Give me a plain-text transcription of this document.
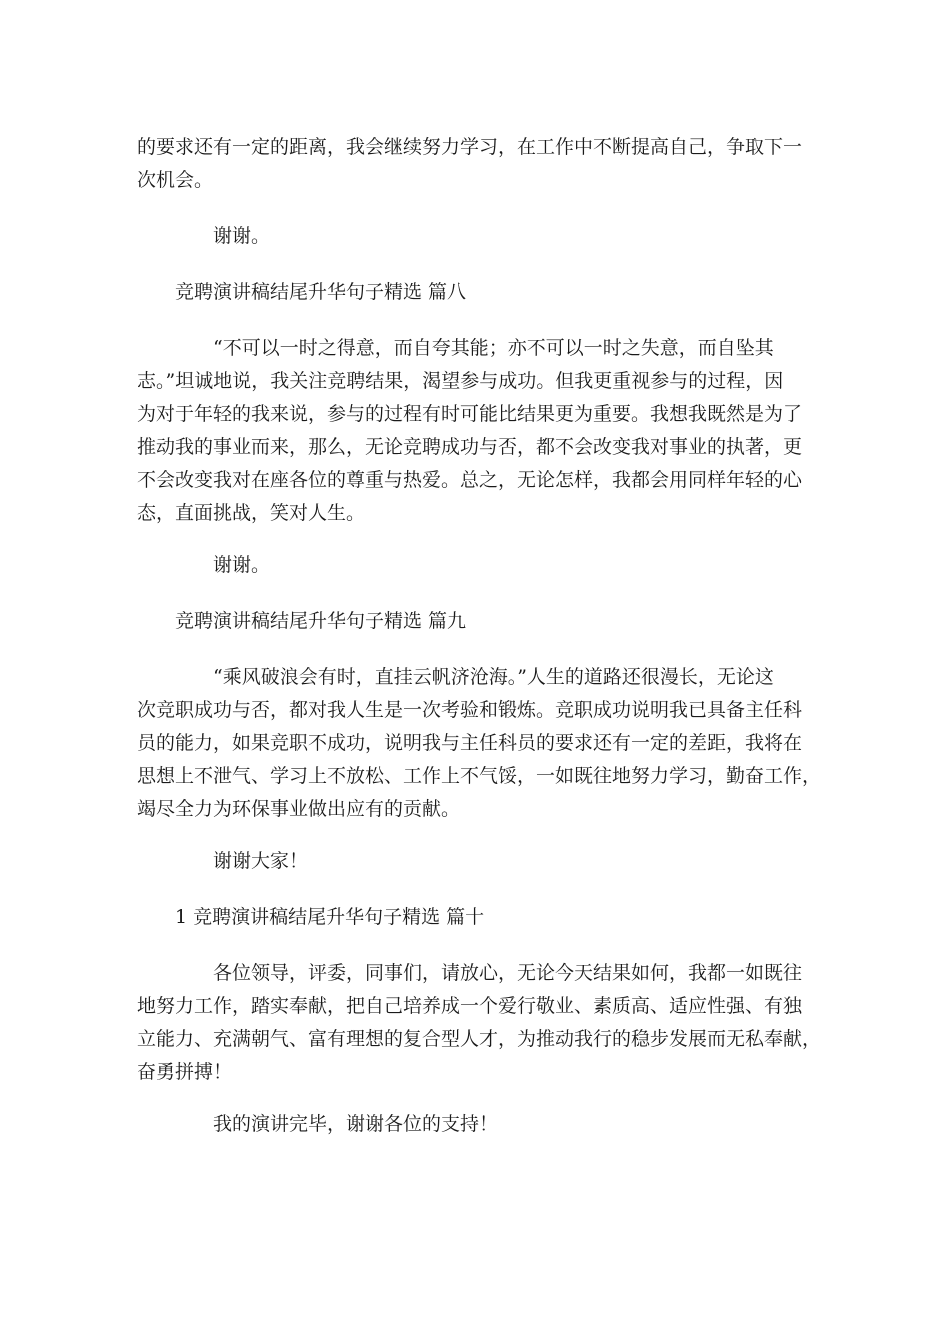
的要求还有一定的距离，我会继续努力学习，在工作中不断提高自己，争取下一
次机会。

谢谢。

竞聘演讲稿结尾升华句子精选 篇八

“不可以一时之得意，而自夸其能；亦不可以一时之失意，而自坠其
志。”坦诚地说，我关注竞聘结果，渴望参与成功。但我更重视参与的过程，因
为对于年轻的我来说，参与的过程有时可能比结果更为重要。我想我既然是为了
推动我的事业而来，那么，无论竞聘成功与否，都不会改变我对事业的执著，更
不会改变我对在座各位的尊重与热爱。总之，无论怎样，我都会用同样年轻的心
态，直面挑战，笑对人生。

谢谢。

竞聘演讲稿结尾升华句子精选 篇九

“乘风破浪会有时，直挂云帆济沧海。”人生的道路还很漫长，无论这
次竞职成功与否，都对我人生是一次考验和锻炼。竞职成功说明我已具备主任科
员的能力，如果竞职不成功，说明我与主任科员的要求还有一定的差距，我将在
思想上不泄气、学习上不放松、工作上不气馁，一如既往地努力学习，勤奋工作，
竭尽全力为环保事业做出应有的贡献。

谢谢大家！

1 竞聘演讲稿结尾升华句子精选 篇十

各位领导，评委，同事们，请放心，无论今天结果如何，我都一如既往
地努力工作，踏实奉献，把自己培养成一个爱行敬业、素质高、适应性强、有独
立能力、充满朝气、富有理想的复合型人才，为推动我行的稳步发展而无私奉献，
奋勇拼搏！

我的演讲完毕，谢谢各位的支持！
